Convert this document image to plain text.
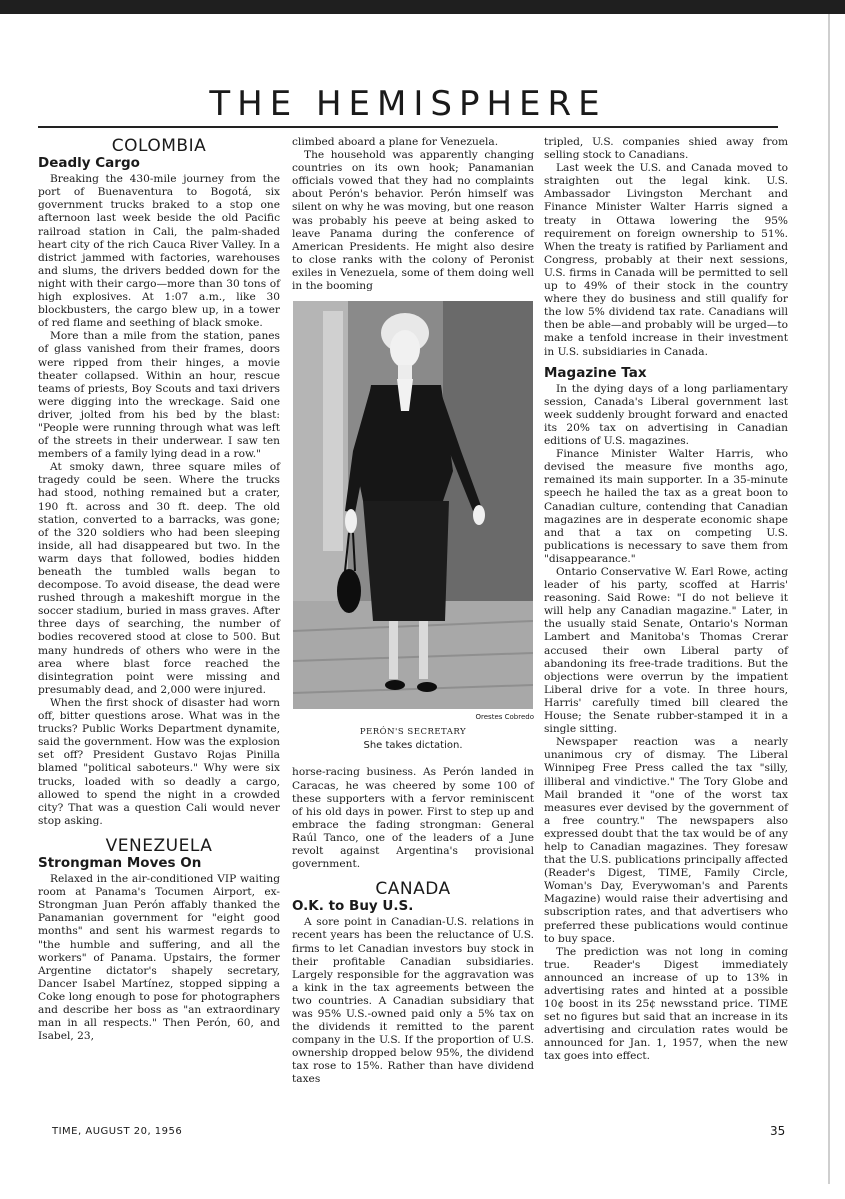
THE HEMISPHERE
COLOMBIA
Deadly Cargo

Breaking the 430-mile journey from the port of Buenaventura to Bogotá, six government trucks braked to a stop one afternoon last week beside the old Pacific railroad station in Cali, the palm-shaded heart city of the rich Cauca River Valley. In a district jammed with factories, warehouses and slums, the drivers bedded down for the night with their cargo—more than 30 tons of high explosives. At 1:07 a.m., like 30 blockbusters, the cargo blew up, in a tower of red flame and seething of black smoke.

More than a mile from the station, panes of glass vanished from their frames, doors were ripped from their hinges, a movie theater collapsed. Within an hour, rescue teams of priests, Boy Scouts and taxi drivers were digging into the wreckage. Said one driver, jolted from his bed by the blast: "People were running through what was left of the streets in their underwear. I saw ten members of a family lying dead in a row."

At smoky dawn, three square miles of tragedy could be seen. Where the trucks had stood, nothing remained but a crater, 190 ft. across and 30 ft. deep. The old station, converted to a barracks, was gone; of the 320 soldiers who had been sleeping inside, all had disappeared but two. In the warm days that followed, bodies hidden beneath the tumbled walls began to decompose. To avoid disease, the dead were rushed through a makeshift morgue in the soccer stadium, buried in mass graves. After three days of searching, the number of bodies recovered stood at close to 500. But many hundreds of others who were in the area where blast force reached the disintegration point were missing and presumably dead, and 2,000 were injured.

When the first shock of disaster had worn off, bitter questions arose. What was in the trucks? Public Works Department dynamite, said the government. How was the explosion set off? President Gustavo Rojas Pinilla blamed "political saboteurs." Why were six trucks, loaded with so deadly a cargo, allowed to spend the night in a crowded city? That was a question Cali would never stop asking.

VENEZUELA
Strongman Moves On

Relaxed in the air-conditioned VIP waiting room at Panama's Tocumen Airport, ex-Strongman Juan Perón affably thanked the Panamanian government for "eight good months" and sent his warmest regards to "the humble and suffering, and all the workers" of Panama. Upstairs, the former Argentine dictator's shapely secretary, Dancer Isabel Martínez, stopped sipping a Coke long enough to pose for photographers and describe her boss as "an extraordinary man in all respects." Then Perón, 60, and Isabel, 23,

climbed aboard a plane for Venezuela.

The household was apparently changing countries on its own hook; Panamanian officials vowed that they had no complaints about Perón's behavior. Perón himself was silent on why he was moving, but one reason was probably his peeve at being asked to leave Panama during the conference of American Presidents. He might also desire to close ranks with the colony of Peronist exiles in Venezuela, some of them doing well in the booming

Orestes Cobredo
PERÓN'S SECRETARY
She takes dictation.

horse-racing business. As Perón landed in Caracas, he was cheered by some 100 of these supporters with a fervor reminiscent of his old days in power. First to step up and embrace the fading strongman: General Raúl Tanco, one of the leaders of a June revolt against Argentina's provisional government.

CANADA
O.K. to Buy U.S.

A sore point in Canadian-U.S. relations in recent years has been the reluctance of U.S. firms to let Canadian investors buy stock in their profitable Canadian subsidiaries. Largely responsible for the aggravation was a kink in the tax agreements between the two countries. A Canadian subsidiary that was 95% U.S.-owned paid only a 5% tax on the dividends it remitted to the parent company in the U.S. If the proportion of U.S. ownership dropped below 95%, the dividend tax rose to 15%. Rather than have dividend taxes

tripled, U.S. companies shied away from selling stock to Canadians.

Last week the U.S. and Canada moved to straighten out the legal kink. U.S. Ambassador Livingston Merchant and Finance Minister Walter Harris signed a treaty in Ottawa lowering the 95% requirement on foreign ownership to 51%. When the treaty is ratified by Parliament and Congress, probably at their next sessions, U.S. firms in Canada will be permitted to sell up to 49% of their stock in the country where they do business and still qualify for the low 5% dividend tax rate. Canadians will then be able—and probably will be urged—to make a tenfold increase in their investment in U.S. subsidiaries in Canada.

Magazine Tax

In the dying days of a long parliamentary session, Canada's Liberal government last week suddenly brought forward and enacted its 20% tax on advertising in Canadian editions of U.S. magazines.

Finance Minister Walter Harris, who devised the measure five months ago, remained its main supporter. In a 35-minute speech he hailed the tax as a great boon to Canadian culture, contending that Canadian magazines are in desperate economic shape and that a tax on competing U.S. publications is necessary to save them from "disappearance."

Ontario Conservative W. Earl Rowe, acting leader of his party, scoffed at Harris' reasoning. Said Rowe: "I do not believe it will help any Canadian magazine." Later, in the usually staid Senate, Ontario's Norman Lambert and Manitoba's Thomas Crerar accused their own Liberal party of abandoning its free-trade traditions. But the objections were overrun by the impatient Liberal drive for a vote. In three hours, Harris' carefully timed bill cleared the House; the Senate rubber-stamped it in a single sitting.

Newspaper reaction was a nearly unanimous cry of dismay. The Liberal Winnipeg Free Press called the tax "silly, illiberal and vindictive." The Tory Globe and Mail branded it "one of the worst tax measures ever devised by the government of a free country." The newspapers also expressed doubt that the tax would be of any help to Canadian magazines. They foresaw that the U.S. publications principally affected (Reader's Digest, TIME, Family Circle, Woman's Day, Everywoman's and Parents Magazine) would raise their advertising and subscription rates, and that advertisers who preferred these publications would continue to buy space.

The prediction was not long in coming true. Reader's Digest immediately announced an increase of up to 13% in advertising rates and hinted at a possible 10¢ boost in its 25¢ newsstand price. TIME set no figures but said that an increase in its advertising and circulation rates would be announced for Jan. 1, 1957, when the new tax goes into effect.

TIME, AUGUST 20, 1956	35
